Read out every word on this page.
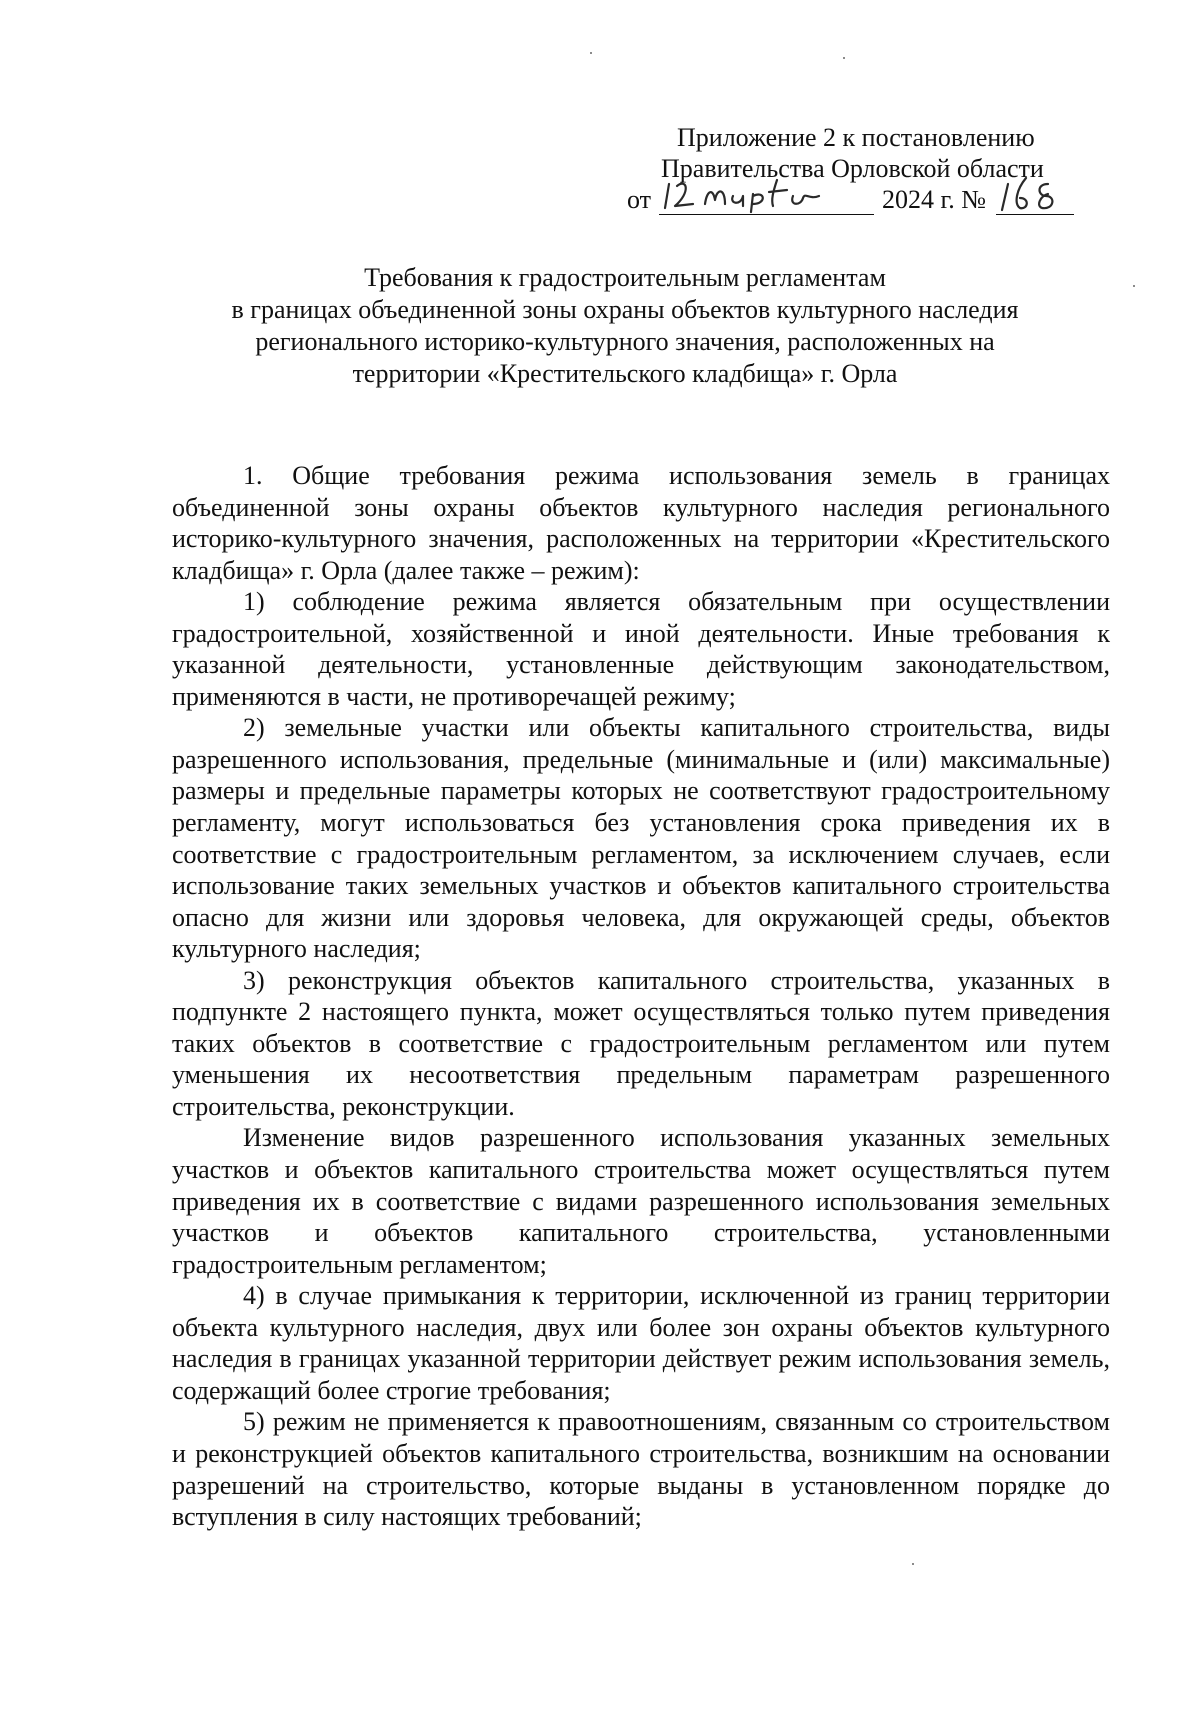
Приложение 2 к постановлению
Правительства Орловской области
от	2024 г. №
Требования к градостроительным регламентам
в границах объединенной зоны охраны объектов культурного наследия
регионального историко-культурного значения, расположенных на
территории «Крестительского кладбища» г. Орла

1. Общие требования режима использования земель в границах объединенной зоны охраны объектов культурного наследия регионального историко-культурного значения, расположенных на территории «Крестительского кладбища» г. Орла (далее также – режим):

1) соблюдение режима является обязательным при осуществлении градостроительной, хозяйственной и иной деятельности. Иные требования к указанной деятельности, установленные действующим законодательством, применяются в части, не противоречащей режиму;

2) земельные участки или объекты капитального строительства, виды разрешенного использования, предельные (минимальные и (или) максимальные) размеры и предельные параметры которых не соответствуют градостроительному регламенту, могут использоваться без установления срока приведения их в соответствие с градостроительным регламентом, за исключением случаев, если использование таких земельных участков и объектов капитального строительства опасно для жизни или здоровья человека, для окружающей среды, объектов культурного наследия;

3) реконструкция объектов капитального строительства, указанных в подпункте 2 настоящего пункта, может осуществляться только путем приведения таких объектов в соответствие с градостроительным регламентом или путем уменьшения их несоответствия предельным параметрам разрешенного строительства, реконструкции.

Изменение видов разрешенного использования указанных земельных участков и объектов капитального строительства может осуществляться путем приведения их в соответствие с видами разрешенного использования земельных участков и объектов капитального строительства, установленными градостроительным регламентом;

4) в случае примыкания к территории, исключенной из границ территории объекта культурного наследия, двух или более зон охраны объектов культурного наследия в границах указанной территории действует режим использования земель, содержащий более строгие требования;

5) режим не применяется к правоотношениям, связанным со строительством и реконструкцией объектов капитального строительства, возникшим на основании разрешений на строительство, которые выданы в установленном порядке до вступления в силу настоящих требований;
